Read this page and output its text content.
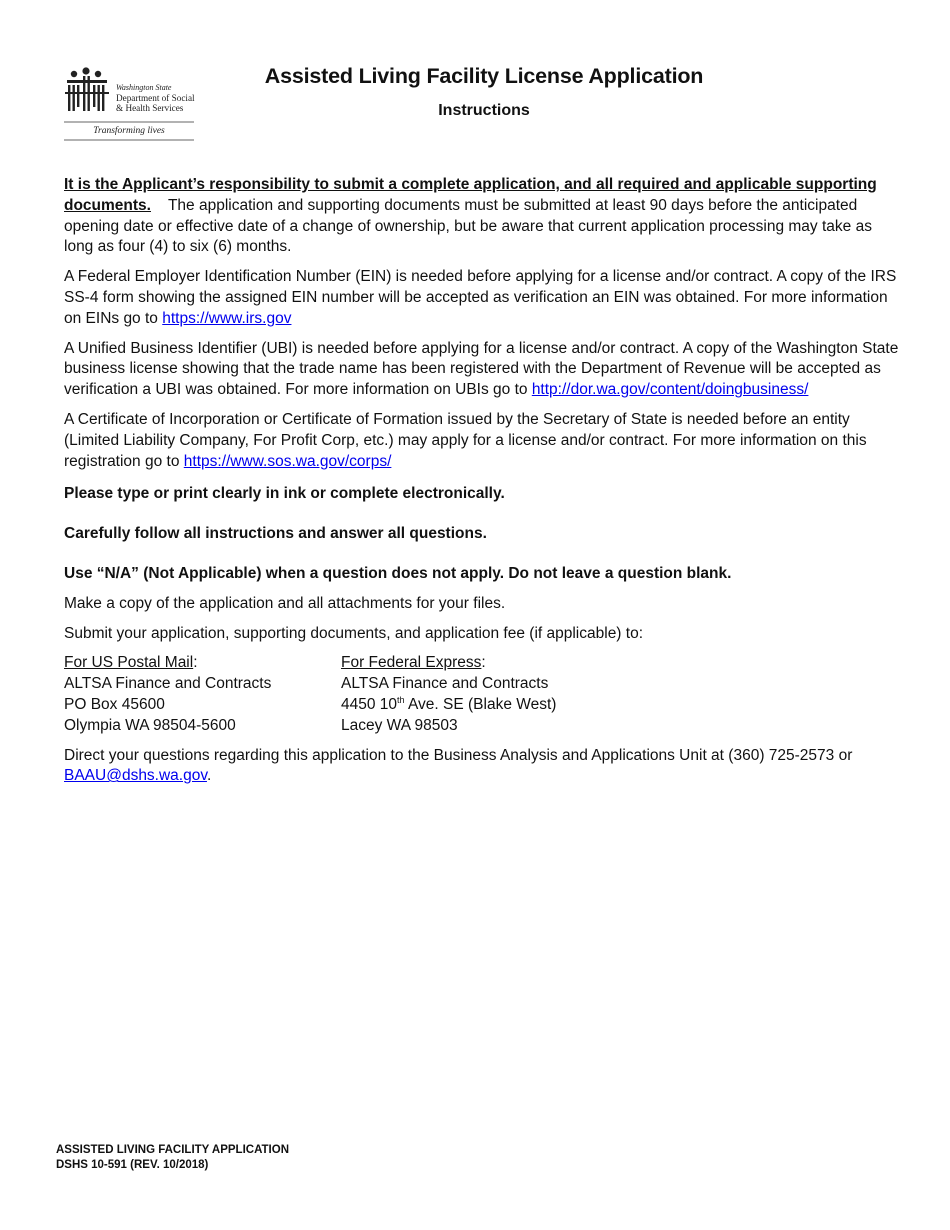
Washington State
Department of Social
& Health Services
Transforming lives
Assisted Living Facility License Application
Instructions

It is the Applicant’s responsibility to submit a complete application, and all required and applicable supporting documents. The application and supporting documents must be submitted at least 90 days before the anticipated opening date or effective date of a change of ownership, but be aware that current application processing may take as long as four (4) to six (6) months.

A Federal Employer Identification Number (EIN) is needed before applying for a license and/or contract. A copy of the IRS SS-4 form showing the assigned EIN number will be accepted as verification an EIN was obtained. For more information on EINs go to https://www.irs.gov

A Unified Business Identifier (UBI) is needed before applying for a license and/or contract. A copy of the Washington State business license showing that the trade name has been registered with the Department of Revenue will be accepted as verification a UBI was obtained. For more information on UBIs go to http://dor.wa.gov/content/doingbusiness/

A Certificate of Incorporation or Certificate of Formation issued by the Secretary of State is needed before an entity (Limited Liability Company, For Profit Corp, etc.) may apply for a license and/or contract. For more information on this registration go to https://www.sos.wa.gov/corps/

Please type or print clearly in ink or complete electronically.

Carefully follow all instructions and answer all questions.

Use “N/A” (Not Applicable) when a question does not apply. Do not leave a question blank.

Make a copy of the application and all attachments for your files.

Submit your application, supporting documents, and application fee (if applicable) to:

For US Postal Mail:
ALTSA Finance and Contracts
PO Box 45600
Olympia WA 98504-5600
For Federal Express:
ALTSA Finance and Contracts
4450 10th Ave. SE (Blake West)
Lacey WA 98503

Direct your questions regarding this application to the Business Analysis and Applications Unit at (360) 725-2573 or BAAU@dshs.wa.gov.

ASSISTED LIVING FACILITY APPLICATION
DSHS 10-591 (REV. 10/2018)
